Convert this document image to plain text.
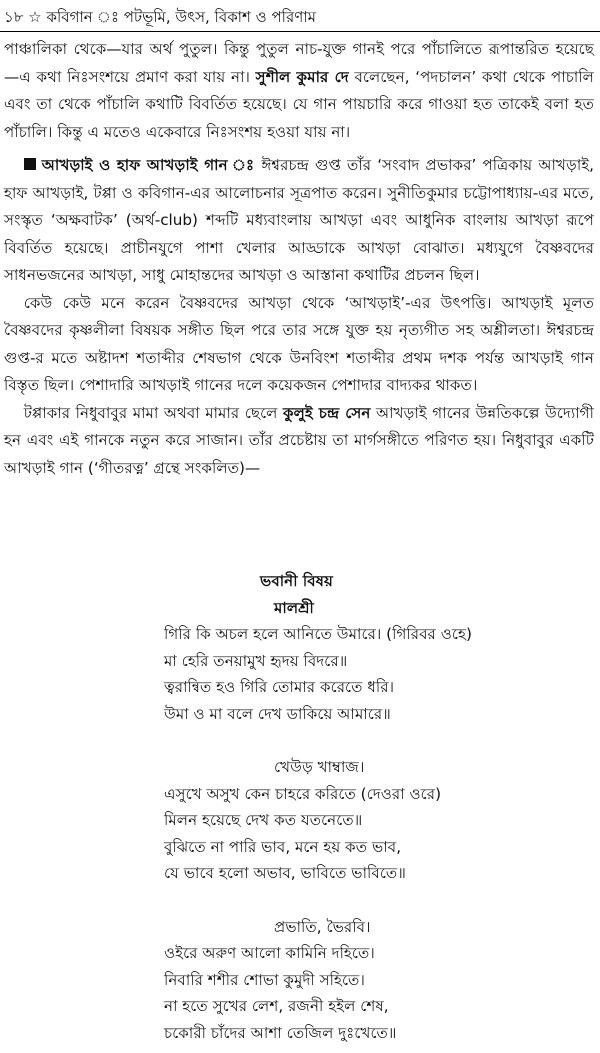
১৮ ☆ কবিগান ঃ পটভূমি, উৎস, বিকাশ ও পরিণাম

পাঞ্চালিকা থেকে—যার অর্থ পুতুল। কিন্তু পুতুল নাচ-যুক্ত গানই পরে পাঁচালিতে রূপান্তরিত হয়েছে —এ কথা নিঃসংশয়ে প্রমাণ করা যায় না। সুশীল কুমার দে বলেছেন, ‘পদচালন’ কথা থেকে পাচালি এবং তা থেকে পাঁচালি কথাটি বিবর্তিত হয়েছে। যে গান পায়চারি করে গাওয়া হত তাকেই বলা হত পাঁচালি। কিন্তু এ মতেও একেবারে নিঃসংশয় হওয়া যায় না।

আখড়াই ও হাফ আখড়াই গান ঃ ঈশ্বরচন্দ্র গুপ্ত তাঁর ‘সংবাদ প্রভাকর’ পত্রিকায় আখড়াই, হাফ আখড়াই, টপ্পা ও কবিগান-এর আলোচনার সূত্রপাত করেন। সুনীতিকুমার চট্টোপাধ্যায়-এর মতে, সংস্কৃত ‘অক্ষবাটক’ (অর্থ-club) শব্দটি মধ্যবাংলায় আখড়া এবং আধুনিক বাংলায় আখড়া রূপে বিবর্তিত হয়েছে। প্রাচীনযুগে পাশা খেলার আড্ডাকে আখড়া বোঝাত। মধ্যযুগে বৈষ্ণবদের সাধনভজনের আখড়া, সাধু মোহান্তদের আখড়া ও আস্তানা কথাটির প্রচলন ছিল।

কেউ কেউ মনে করেন বৈষ্ণবদের আখড়া থেকে ‘আখড়াই’-এর উৎপত্তি। আখড়াই মূলত বৈষ্ণবদের কৃষ্ণলীলা বিষয়ক সঙ্গীত ছিল পরে তার সঙ্গে যুক্ত হয় নৃত্যগীত সহ অশ্লীলতা। ঈশ্বরচন্দ্র গুপ্ত-র মতে অষ্টাদশ শতাব্দীর শেষভাগ থেকে উনবিংশ শতাব্দীর প্রথম দশক পর্যন্ত আখড়াই গান বিস্তৃত ছিল। পেশাদারি আখড়াই গানের দলে কয়েকজন পেশাদার বাদ্যকর থাকত।

টপ্পাকার নিধুবাবুর মামা অথবা মামার ছেলে কুলুই চন্দ্র সেন আখড়াই গানের উন্নতিকল্পে উদ্যোগী হন এবং এই গানকে নতুন করে সাজান। তাঁর প্রচেষ্টায় তা মার্গসঙ্গীতে পরিণত হয়। নিধুবাবুর একটি আখড়াই গান (‘গীতরত্ন’ গ্রন্থে সংকলিত)—

ভবানী বিষয়

মালশ্রী

গিরি কি অচল হলে আনিতে উমারে। (গিরিবর ওহে)

মা হেরি তনয়ামুখ হৃদয় বিদরে॥

ত্বরান্বিত হও গিরি তোমার করেতে ধরি।

উমা ও মা বলে দেখ ডাকিয়ে আমারে॥

খেউড় খাম্বাজ।

এসুখে অসুখ কেন চাহরে করিতে (দেওরা ওরে)

মিলন হয়েছে দেখ কত যতনেতে॥

বুঝিতে না পারি ভাব, মনে হয় কত ভাব,

যে ভাবে হলো অভাব, ভাবিতে ভাবিতে॥

প্রভাতি, ভৈরবি।

ওইরে অরুণ আলো কামিনি দহিতে।

নিবারি শশীর শোভা কুমুদী সহিতে।

না হতে সুখের লেশ, রজনী হইল শেষ,

চকোরী চাঁদের আশা তেজিল দুঃখেতে॥
